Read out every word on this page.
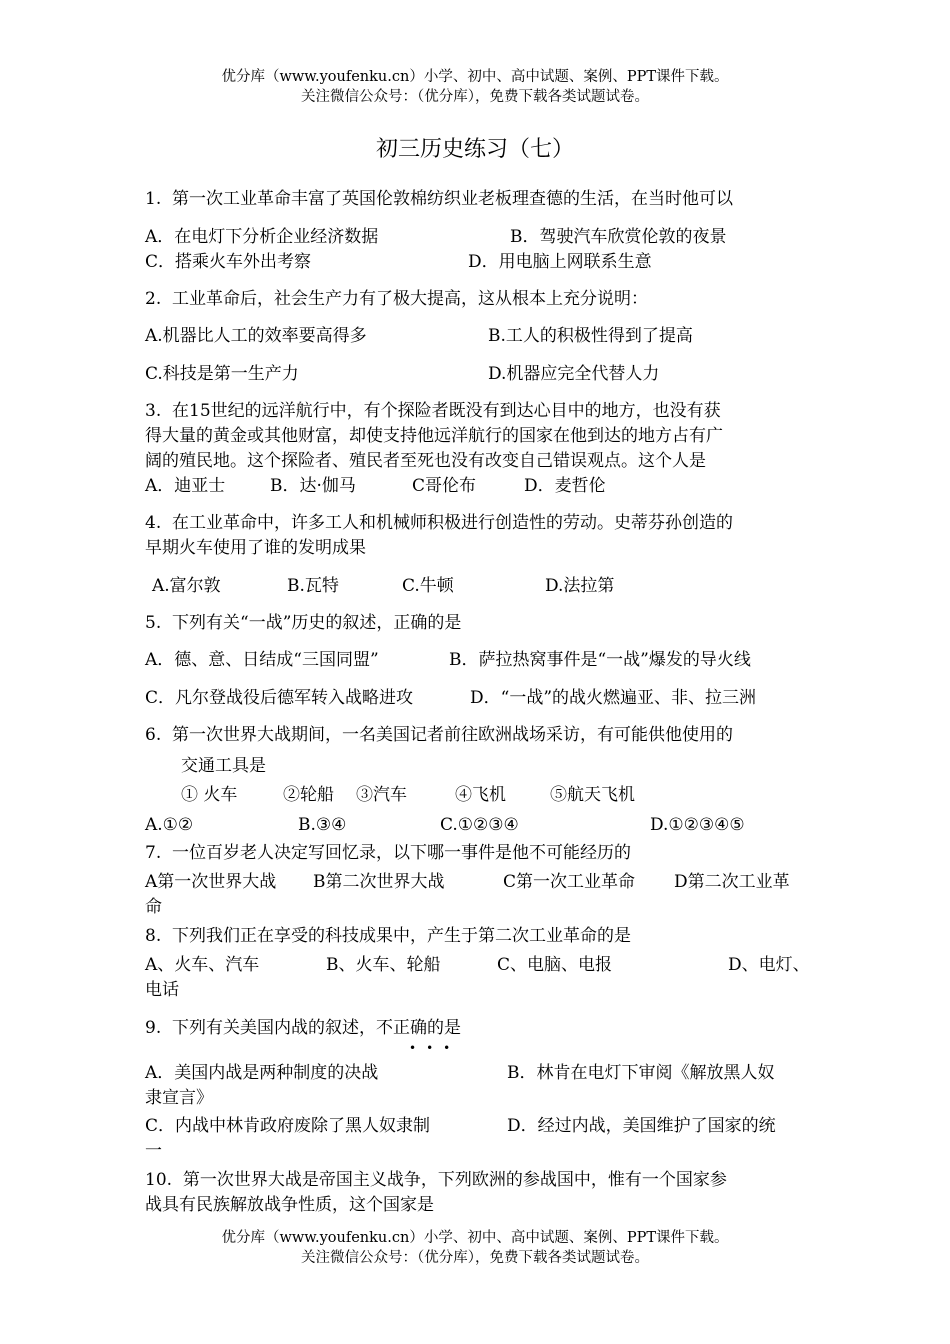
优分库（www.youfenku.cn）小学、初中、高中试题、案例、PPT课件下载。
关注微信公众号：（优分库），免费下载各类试题试卷。
初三历史练习（七）
1.  第一次工业革命丰富了英国伦敦棉纺织业老板理查德的生活，在当时他可以
A．在电灯下分析企业经济数据	B．驾驶汽车欣赏伦敦的夜景
C．搭乘火车外出考察	D．用电脑上网联系生意
2.  工业革命后，社会生产力有了极大提高，这从根本上充分说明：
A.机器比人工的效率要高得多	B.工人的积极性得到了提高
C.科技是第一生产力	D.机器应完全代替人力
3.  在15世纪的远洋航行中，有个探险者既没有到达心目中的地方，也没有获
得大量的黄金或其他财富，却使支持他远洋航行的国家在他到达的地方占有广
阔的殖民地。这个探险者、殖民者至死也没有改变自己错误观点。这个人是
A．迪亚士	B．达·伽马	C哥伦布	D．麦哲伦
4.  在工业革命中，许多工人和机械师积极进行创造性的劳动。史蒂芬孙创造的
早期火车使用了谁的发明成果
A.富尔敦	B.瓦特	C.牛顿	D.法拉第
5.  下列有关“一战”历史的叙述，正确的是
A．德、意、日结成“三国同盟”	B．萨拉热窝事件是“一战”爆发的导火线
C．凡尔登战役后德军转入战略进攻	D．“一战”的战火燃遍亚、非、拉三洲
6.  第一次世界大战期间，一名美国记者前往欧洲战场采访，有可能供他使用的
交通工具是
① 火车	②轮船 ③汽车	④飞机	⑤航天飞机
A.①②	B.③④	C.①②③④	D.①②③④⑤
7.  一位百岁老人决定写回忆录，以下哪一事件是他不可能经历的
A第一次世界大战 B第二次世界大战	C第一次工业革命 D第二次工业革
命
8.  下列我们正在享受的科技成果中，产生于第二次工业革命的是
A、火车、汽车	B、火车、轮船	C、电脑、电报	D、电灯、
电话
9.  下列有关美国内战的叙述，不正确的是
•••
A．美国内战是两种制度的决战	B．林肯在电灯下审阅《解放黑人奴
隶宣言》
C．内战中林肯政府废除了黑人奴隶制	D．经过内战，美国维护了国家的统
一
10.  第一次世界大战是帝国主义战争，下列欧洲的参战国中，惟有一个国家参
战具有民族解放战争性质，这个国家是
优分库（www.youfenku.cn）小学、初中、高中试题、案例、PPT课件下载。
关注微信公众号：（优分库），免费下载各类试题试卷。
